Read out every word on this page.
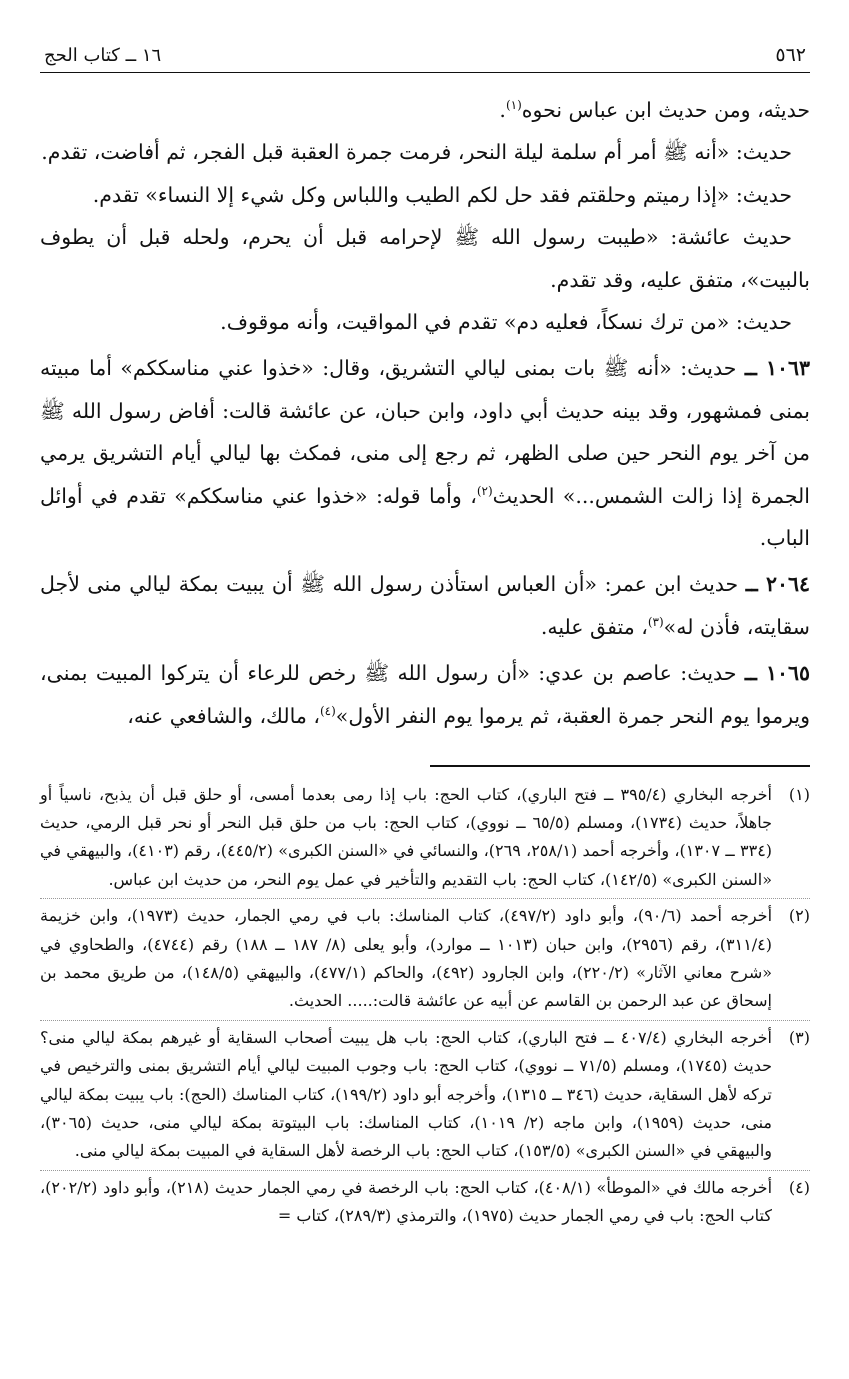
٥٦٢
١٦ ــ كتاب الحج

حديثه، ومن حديث ابن عباس نحوه$^{(١)}$.

حديث: «أنه ﷺ أمر أم سلمة ليلة النحر، فرمت جمرة العقبة قبل الفجر، ثم أفاضت، تقدم.

حديث: «إذا رميتم وحلقتم فقد حل لكم الطيب واللباس وكل شيء إلا النساء» تقدم.

حديث عائشة: «طيبت رسول الله ﷺ لإحرامه قبل أن يحرم، ولحله قبل أن يطوف بالبيت»، متفق عليه، وقد تقدم.

حديث: «من ترك نسكاً، فعليه دم» تقدم في المواقيت، وأنه موقوف.

١٠٦٣ ــ حديث: «أنه ﷺ بات بمنى ليالي التشريق، وقال: «خذوا عني مناسككم» أما مبيته بمنى فمشهور، وقد بينه حديث أبي داود، وابن حبان، عن عائشة قالت: أفاض رسول الله ﷺ من آخر يوم النحر حين صلى الظهر، ثم رجع إلى منى، فمكث بها ليالي أيام التشريق يرمي الجمرة إذا زالت الشمس...» الحديث$^{(٢)}$، وأما قوله: «خذوا عني مناسككم» تقدم في أوائل الباب.

٢٠٦٤ ــ حديث ابن عمر: «أن العباس استأذن رسول الله ﷺ أن يبيت بمكة ليالي منى لأجل سقايته، فأذن له»$^{(٣)}$، متفق عليه.

١٠٦٥ ــ حديث: عاصم بن عدي: «أن رسول الله ﷺ رخص للرعاء أن يتركوا المبيت بمنى، ويرموا يوم النحر جمرة العقبة، ثم يرموا يوم النفر الأول»$^{(٤)}$، مالك، والشافعي عنه،

(١)
أخرجه البخاري (٣٩٥/٤ ــ فتح الباري)، كتاب الحج: باب إذا رمى بعدما أمسى، أو حلق قبل أن يذبح، ناسياً أو جاهلاً، حديث (١٧٣٤)، ومسلم (٦٥/٥ ــ نووي)، كتاب الحج: باب من حلق قبل النحر أو نحر قبل الرمي، حديث (٣٣٤ ــ ١٣٠٧)، وأخرجه أحمد (٢٥٨/١، ٢٦٩)، والنسائي في «السنن الكبرى» (٤٤٥/٢)، رقم (٤١٠٣)، والبيهقي في «السنن الكبرى» (١٤٢/٥)، كتاب الحج: باب التقديم والتأخير في عمل يوم النحر، من حديث ابن عباس.
(٢)
أخرجه أحمد (٩٠/٦)، وأبو داود (٤٩٧/٢)، كتاب المناسك: باب في رمي الجمار، حديث (١٩٧٣)، وابن خزيمة (٣١١/٤)، رقم (٢٩٥٦)، وابن حبان (١٠١٣ ــ موارد)، وأبو يعلى (٨/ ١٨٧ ــ ١٨٨) رقم (٤٧٤٤)، والطحاوي في «شرح معاني الآثار» (٢٢٠/٢)، وابن الجارود (٤٩٢)، والحاكم (٤٧٧/١)، والبيهقي (١٤٨/٥)، من طريق محمد بن إسحاق عن عبد الرحمن بن القاسم عن أبيه عن عائشة قالت:..... الحديث.
(٣)
أخرجه البخاري (٤٠٧/٤ ــ فتح الباري)، كتاب الحج: باب هل يبيت أصحاب السقاية أو غيرهم بمكة ليالي منى؟ حديث (١٧٤٥)، ومسلم (٧١/٥ ــ نووي)، كتاب الحج: باب وجوب المبيت ليالي أيام التشريق بمنى والترخيص في تركه لأهل السقاية، حديث (٣٤٦ ــ ١٣١٥)، وأخرجه أبو داود (١٩٩/٢)، كتاب المناسك (الحج): باب يبيت بمكة ليالي منى، حديث (١٩٥٩)، وابن ماجه (٢/ ١٠١٩)، كتاب المناسك: باب البيتوتة بمكة ليالي منى، حديث (٣٠٦٥)، والبيهقي في «السنن الكبرى» (١٥٣/٥)، كتاب الحج: باب الرخصة لأهل السقاية في المبيت بمكة ليالي منى.
(٤)
أخرجه مالك في «الموطأ» (٤٠٨/١)، كتاب الحج: باب الرخصة في رمي الجمار حديث (٢١٨)، وأبو داود (٢٠٢/٢)، كتاب الحج: باب في رمي الجمار حديث (١٩٧٥)، والترمذي (٢٨٩/٣)، كتاب =
